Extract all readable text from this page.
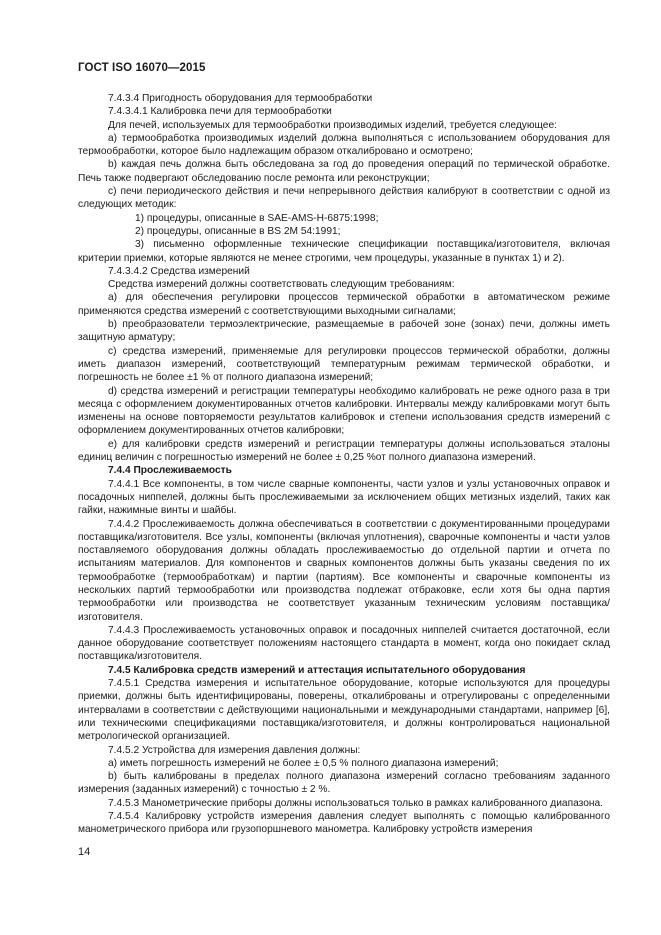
ГОСТ ISO 16070—2015

7.4.3.4 Пригодность оборудования для термообработки

7.4.3.4.1 Калибровка печи для термообработки

Для печей, используемых для термообработки производимых изделий, требуется следующее:

a) термообработка производимых изделий должна выполняться с использованием оборудования для термообработки, которое было надлежащим образом откалибровано и осмотрено;

b) каждая печь должна быть обследована за год до проведения операций по термической обработке. Печь также подвергают обследованию после ремонта или реконструкции;

c) печи периодического действия и печи непрерывного действия калибруют в соответствии с одной из следующих методик:

1) процедуры, описанные в SAE-AMS-H-6875:1998;

2) процедуры, описанные в BS 2M 54:1991;

3) письменно оформленные технические спецификации поставщика/изготовителя, включая критерии приемки, которые являются не менее строгими, чем процедуры, указанные в пунктах 1) и 2).

7.4.3.4.2 Средства измерений

Средства измерений должны соответствовать следующим требованиям:

a) для обеспечения регулировки процессов термической обработки в автоматическом режиме применяются средства измерений с соответствующими выходными сигналами;

b) преобразователи термоэлектрические, размещаемые в рабочей зоне (зонах) печи, должны иметь защитную арматуру;

c) средства измерений, применяемые для регулировки процессов термической обработки, должны иметь диапазон измерений, соответствующий температурным режимам термической обработки, и погрешность не более ±1 % от полного диапазона измерений;

d) средства измерений и регистрации температуры необходимо калибровать не реже одного раза в три месяца с оформлением документированных отчетов калибровки. Интервалы между калибровками могут быть изменены на основе повторяемости результатов калибровок и степени использования средств измерений с оформлением документированных отчетов калибровки;

e) для калибровки средств измерений и регистрации температуры должны использоваться эталоны единиц величин с погрешностью измерений не более ± 0,25 %от полного диапазона измерений.

7.4.4 Прослеживаемость

7.4.4.1 Все компоненты, в том числе сварные компоненты, части узлов и узлы установочных оправок и посадочных ниппелей, должны быть прослеживаемыми за исключением общих метизных изделий, таких как гайки, нажимные винты и шайбы.

7.4.4.2 Прослеживаемость должна обеспечиваться в соответствии с документированными процедурами поставщика/изготовителя. Все узлы, компоненты (включая уплотнения), сварочные компоненты и части узлов поставляемого оборудования должны обладать прослеживаемостью до отдельной партии и отчета по испытаниям материалов. Для компонентов и сварных компонентов должны быть указаны сведения по их термообработке (термообработкам) и партии (партиям). Все компоненты и сварочные компоненты из нескольких партий термообработки или производства подлежат отбраковке, если хотя бы одна партия термообработки или производства не соответствует указанным техническим условиям поставщика/изготовителя.

7.4.4.3 Прослеживаемость установочных оправок и посадочных ниппелей считается достаточной, если данное оборудование соответствует положениям настоящего стандарта в момент, когда оно покидает склад поставщика/изготовителя.

7.4.5 Калибровка средств измерений и аттестация испытательного оборудования

7.4.5.1 Средства измерения и испытательное оборудование, которые используются для процедуры приемки, должны быть идентифицированы, поверены, откалиброваны и отрегулированы с определенными интервалами в соответствии с действующими национальными и международными стандартами, например [6], или техническими спецификациями поставщика/изготовителя, и должны контролироваться национальной метрологической организацией.

7.4.5.2 Устройства для измерения давления должны:

a) иметь погрешность измерений не более ± 0,5 % полного диапазона измерений;

b) быть калиброваны в пределах полного диапазона измерений согласно требованиям заданного измерения (заданных измерений) с точностью ± 2 %.

7.4.5.3 Манометрические приборы должны использоваться только в рамках калиброванного диапазона.

7.4.5.4 Калибровку устройств измерения давления следует выполнять с помощью калиброванного манометрического прибора или грузопоршневого манометра. Калибровку устройств измерения

14
